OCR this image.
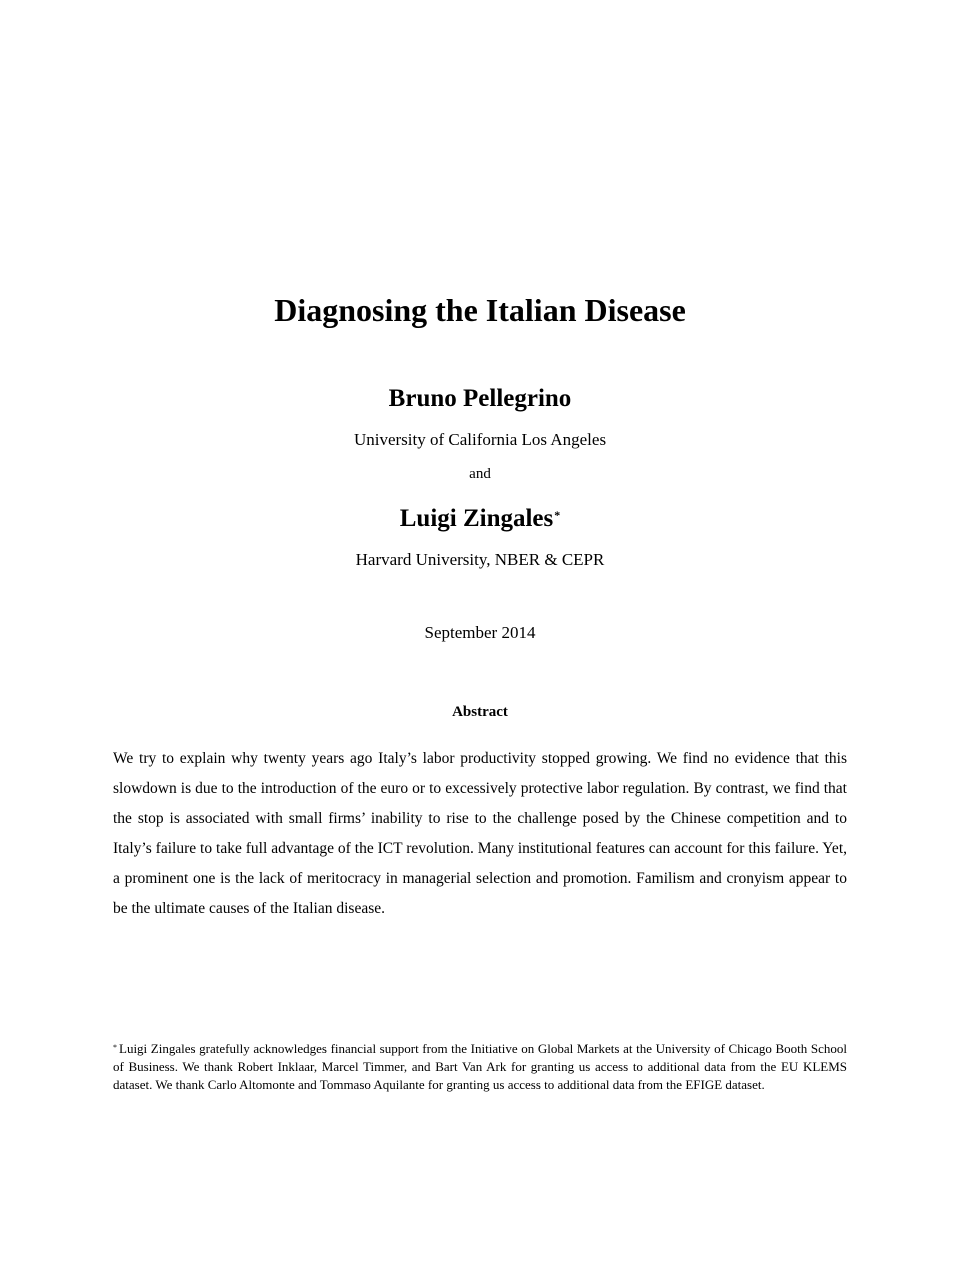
Diagnosing the Italian Disease

Bruno Pellegrino

University of California Los Angeles

and

Luigi Zingales*

Harvard University, NBER & CEPR

September 2014

Abstract

We try to explain why twenty years ago Italy’s labor productivity stopped growing. We find no evidence that this slowdown is due to the introduction of the euro or to excessively protective labor regulation. By contrast, we find that the stop is associated with small firms’ inability to rise to the challenge posed by the Chinese competition and to Italy’s failure to take full advantage of the ICT revolution. Many institutional features can account for this failure. Yet, a prominent one is the lack of meritocracy in managerial selection and promotion. Familism and cronyism appear to be the ultimate causes of the Italian disease.

* Luigi Zingales gratefully acknowledges financial support from the Initiative on Global Markets at the University of Chicago Booth School of Business. We thank Robert Inklaar, Marcel Timmer, and Bart Van Ark for granting us access to additional data from the EU KLEMS dataset. We thank Carlo Altomonte and Tommaso Aquilante for granting us access to additional data from the EFIGE dataset.
